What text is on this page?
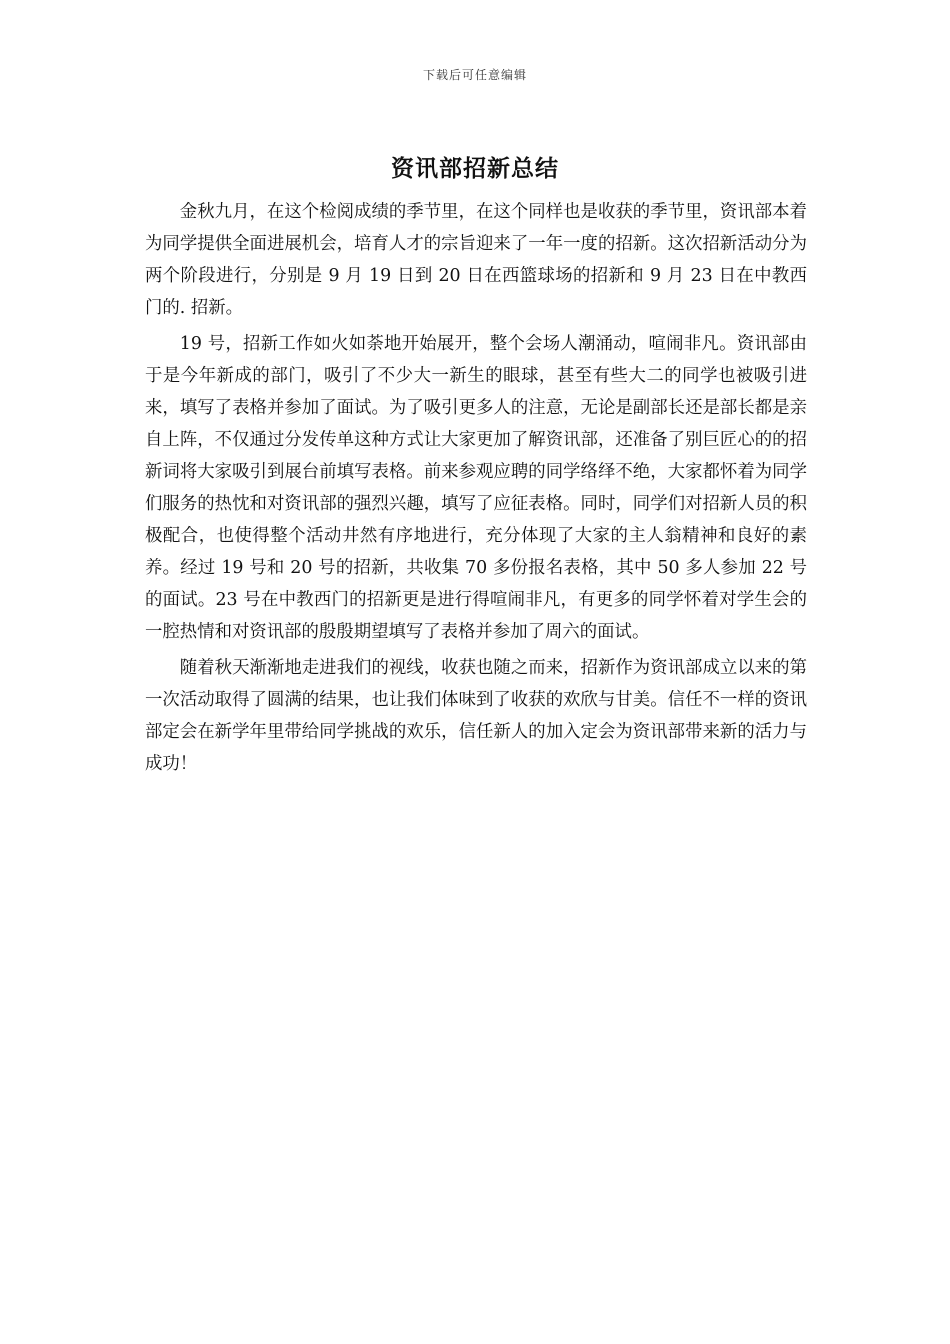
下载后可任意编辑
资讯部招新总结

金秋九月，在这个检阅成绩的季节里，在这个同样也是收获的季节里，资讯部本着为同学提供全面进展机会，培育人才的宗旨迎来了一年一度的招新。这次招新活动分为两个阶段进行，分别是 9 月 19 日到 20 日在西篮球场的招新和 9 月 23 日在中教西门的. 招新。

19 号，招新工作如火如荼地开始展开，整个会场人潮涌动，喧闹非凡。资讯部由于是今年新成的部门，吸引了不少大一新生的眼球，甚至有些大二的同学也被吸引进来，填写了表格并参加了面试。为了吸引更多人的注意，无论是副部长还是部长都是亲自上阵，不仅通过分发传单这种方式让大家更加了解资讯部，还准备了别巨匠心的的招新词将大家吸引到展台前填写表格。前来参观应聘的同学络绎不绝，大家都怀着为同学们服务的热忱和对资讯部的强烈兴趣，填写了应征表格。同时，同学们对招新人员的积极配合，也使得整个活动井然有序地进行，充分体现了大家的主人翁精神和良好的素养。经过 19 号和 20 号的招新，共收集 70 多份报名表格，其中 50 多人参加 22 号的面试。23 号在中教西门的招新更是进行得喧闹非凡，有更多的同学怀着对学生会的一腔热情和对资讯部的殷殷期望填写了表格并参加了周六的面试。

随着秋天渐渐地走进我们的视线，收获也随之而来，招新作为资讯部成立以来的第一次活动取得了圆满的结果，也让我们体味到了收获的欢欣与甘美。信任不一样的资讯部定会在新学年里带给同学挑战的欢乐，信任新人的加入定会为资讯部带来新的活力与成功！
